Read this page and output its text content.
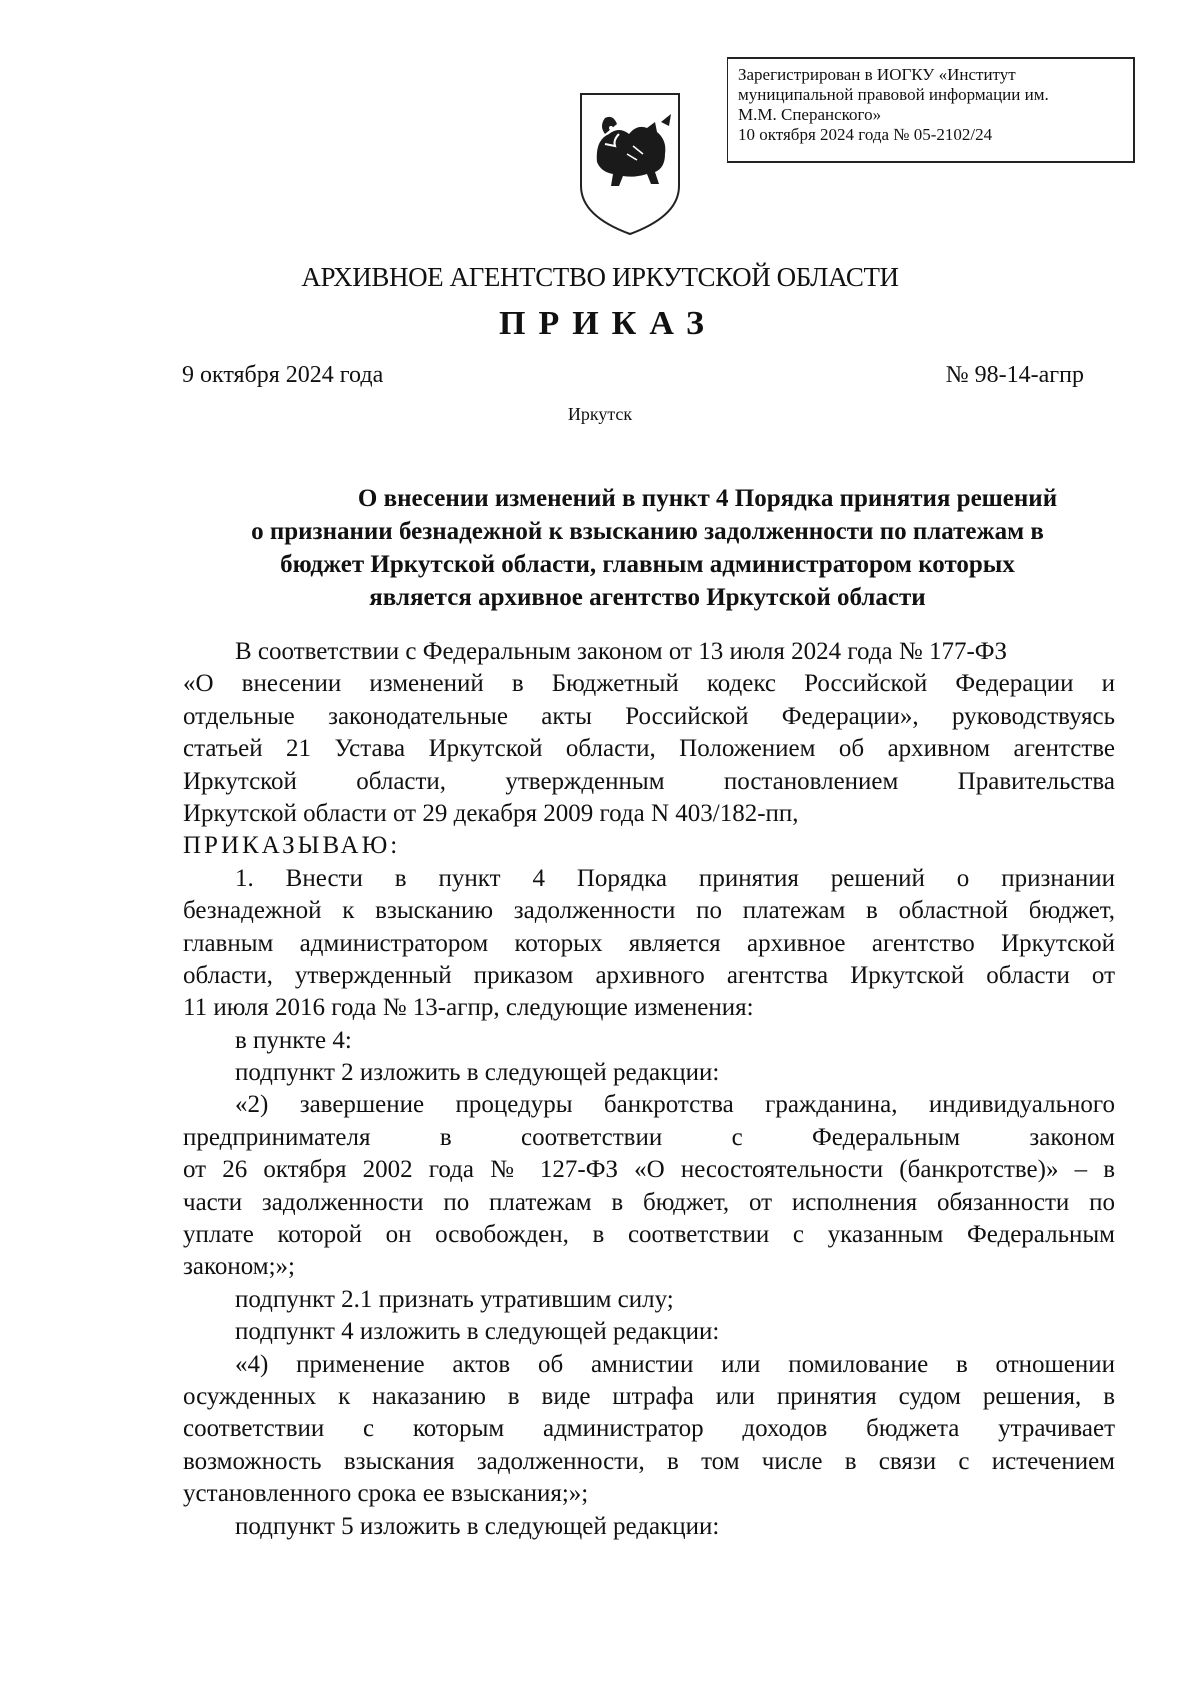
Зарегистрирован в ИОГКУ «Институт
муниципальной правовой информации им.
М.М. Сперанского»
10 октября 2024 года № 05-2102/24
АРХИВНОЕ АГЕНТСТВО ИРКУТСКОЙ ОБЛАСТИ
ПРИКАЗ
9 октября 2024 года	№ 98-14-агпр
Иркутск
О внесении изменений в пункт 4 Порядка принятия решений
о признании безнадежной к взысканию задолженности по платежам в
бюджет Иркутской области, главным администратором которых
является архивное агентство Иркутской области
В соответствии с Федеральным законом от 13 июля 2024 года № 177-ФЗ
«О внесении изменений в Бюджетный кодекс Российской Федерации и
отдельные законодательные акты Российской Федерации», руководствуясь
статьей 21 Устава Иркутской области, Положением об архивном агентстве
Иркутской области, утвержденным постановлением Правительства
Иркутской области от 29 декабря 2009 года N 403/182-пп,
ПРИКАЗЫВАЮ:
1. Внести в пункт 4 Порядка принятия решений о признании
безнадежной к взысканию задолженности по платежам в областной бюджет,
главным администратором которых является архивное агентство Иркутской
области, утвержденный приказом архивного агентства Иркутской области от
11 июля 2016 года № 13-агпр, следующие изменения:
в пункте 4:
подпункт 2 изложить в следующей редакции:
«2) завершение процедуры банкротства гражданина, индивидуального
предпринимателя в соответствии с Федеральным законом
от 26 октября 2002 года № 127-ФЗ «О несостоятельности (банкротстве)» – в
части задолженности по платежам в бюджет, от исполнения обязанности по
уплате которой он освобожден, в соответствии с указанным Федеральным
законом;»;
подпункт 2.1 признать утратившим силу;
подпункт 4 изложить в следующей редакции:
«4) применение актов об амнистии или помилование в отношении
осужденных к наказанию в виде штрафа или принятия судом решения, в
соответствии с которым администратор доходов бюджета утрачивает
возможность взыскания задолженности, в том числе в связи с истечением
установленного срока ее взыскания;»;
подпункт 5 изложить в следующей редакции:
